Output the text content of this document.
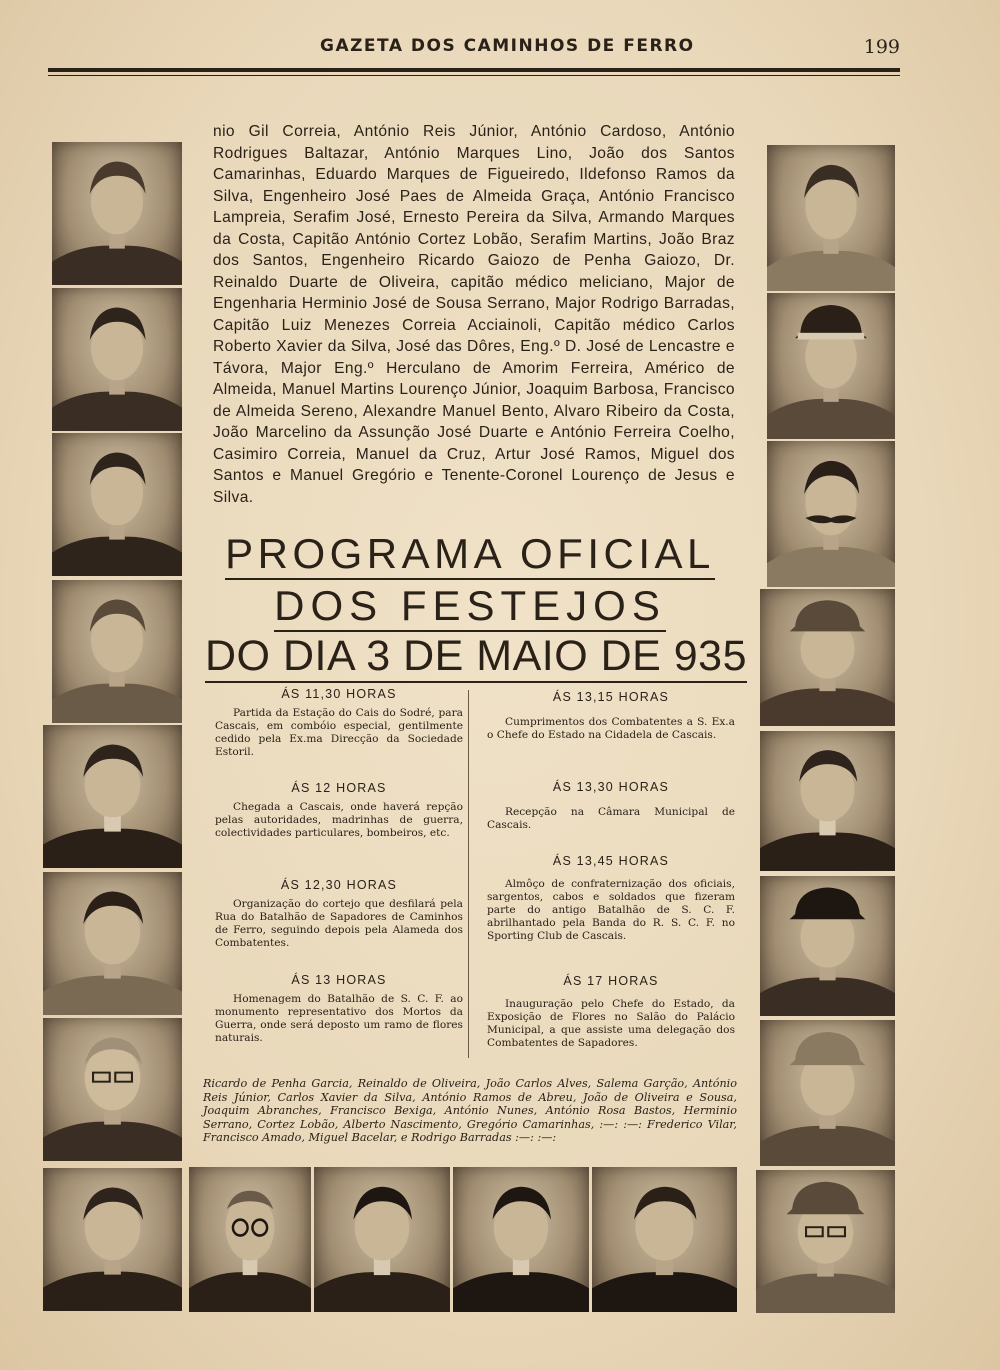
GAZETA DOS CAMINHOS DE FERRO	199
nio Gil Correia, António Reis Júnior, António Cardoso, António Rodrigues Baltazar, António Marques Lino, João dos Santos Camarinhas, Eduardo Marques de Figueiredo, Ildefonso Ramos da Silva, Engenheiro José Paes de Almeida Graça, António Francisco Lampreia, Serafim José, Ernesto Pereira da Silva, Armando Marques da Costa, Capitão António Cortez Lobão, Serafim Martins, João Braz dos Santos, Engenheiro Ricardo Gaiozo de Penha Gaiozo, Dr. Reinaldo Duarte de Oliveira, capitão médico meliciano, Major de Engenharia Herminio José de Sousa Serrano, Major Rodrigo Barradas, Capitão Luiz Menezes Correia Acciainoli, Capitão médico Carlos Roberto Xavier da Silva, José das Dôres, Eng.º D. José de Lencastre e Távora, Major Eng.º Herculano de Amorim Ferreira, Américo de Almeida, Manuel Martins Lourenço Júnior, Joaquim Barbosa, Francisco de Almeida Sereno, Alexandre Manuel Bento, Alvaro Ribeiro da Costa, João Marcelino da Assunção José Duarte e António Ferreira Coelho, Casimiro Correia, Manuel da Cruz, Artur José Ramos, Miguel dos Santos e Manuel Gregório e Tenente-Coronel Lourenço de Jesus e Silva.
PROGRAMA OFICIAL
DOS FESTEJOS
DO DIA 3 DE MAIO DE 935
ÁS 11,30 HORAS
Partida da Estação do Cais do Sodré, para Cascais, em combóio especial, gentilmente cedido pela Ex.ma Direcção da Sociedade Estoril.
ÁS 12 HORAS
Chegada a Cascais, onde haverá repção pelas autoridades, madrinhas de guerra, colectividades particulares, bombeiros, etc.
ÁS 12,30 HORAS
Organização do cortejo que desfilará pela Rua do Batalhão de Sapadores de Caminhos de Ferro, seguindo depois pela Alameda dos Combatentes.
ÁS 13 HORAS
Homenagem do Batalhão de S. C. F. ao monumento representativo dos Mortos da Guerra, onde será deposto um ramo de flores naturais.
ÁS 13,15 HORAS
Cumprimentos dos Combatentes a S. Ex.a o Chefe do Estado na Cidadela de Cascais.
ÁS 13,30 HORAS
Recepção na Câmara Municipal de Cascais.
ÁS 13,45 HORAS
Almôço de confraternização dos oficiais, sargentos, cabos e soldados que fizeram parte do antigo Batalhão de S. C. F. abrilhantado pela Banda do R. S. C. F. no Sporting Club de Cascais.
ÁS 17 HORAS
Inauguração pelo Chefe do Estado, da Exposição de Flores no Salão do Palácio Municipal, a que assiste uma delegação dos Combatentes de Sapadores.
Ricardo de Penha Garcia, Reinaldo de Oliveira, João Carlos Alves, Salema Garção, António Reis Júnior, Carlos Xavier da Silva, António Ramos de Abreu, João de Oliveira e Sousa, Joaquim Abranches, Francisco Bexiga, António Nunes, António Rosa Bastos, Herminio Serrano, Cortez Lobão, Alberto Nascimento, Gregório Camarinhas, :—: :—: Frederico Vilar, Francisco Amado, Miguel Bacelar, e Rodrigo Barradas :—: :—:
